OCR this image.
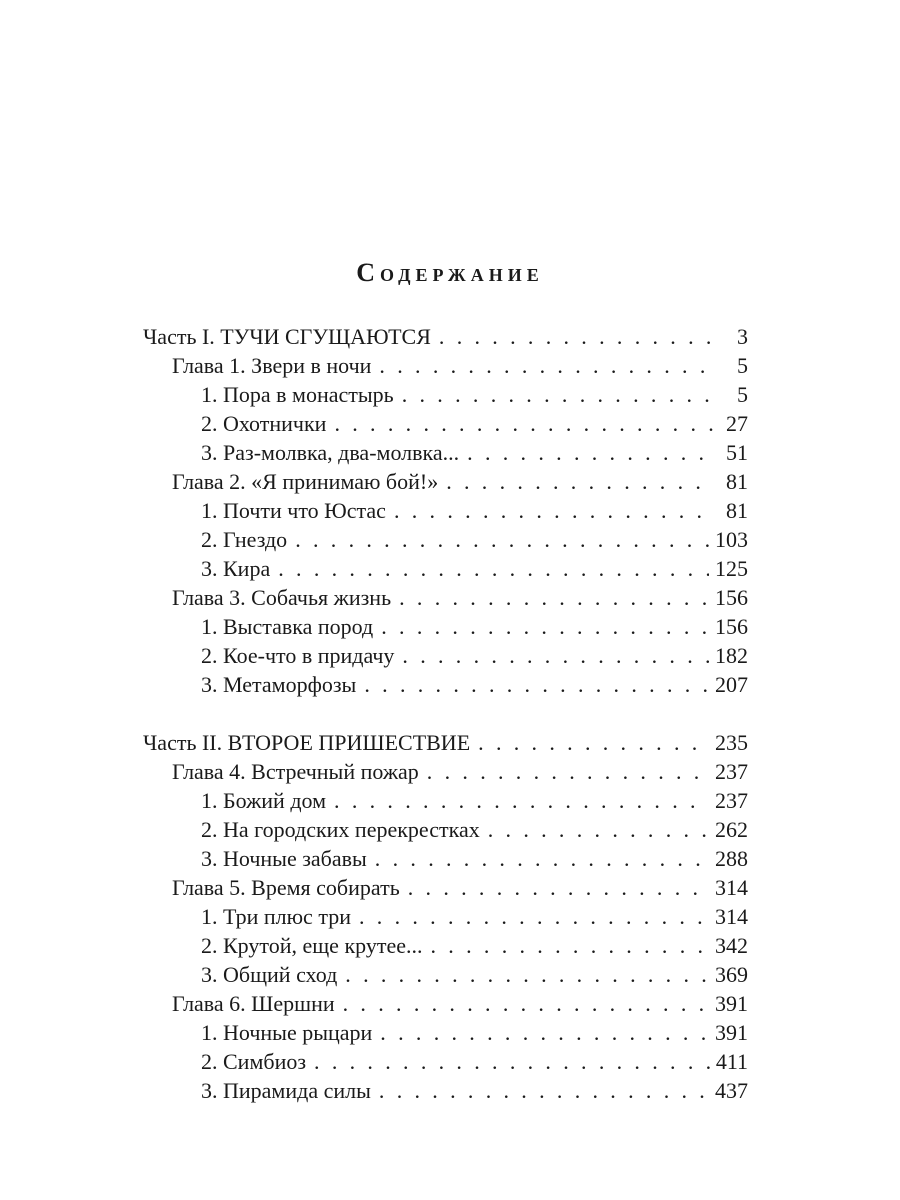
Содержание
Часть I. ТУЧИ СГУЩАЮТСЯ . . .	3
Глава 1. Звери в ночи . . .	5
1. Пора в монастырь . . .	5
2. Охотнички . . .	27
3. Раз-молвка, два-молвка... . . .	51
Глава 2. «Я принимаю бой!» . . .	81
1. Почти что Юстас . . .	81
2. Гнездо . . .	103
3. Кира . . .	125
Глава 3. Собачья жизнь . . .	156
1. Выставка пород . . .	156
2. Кое-что в придачу . . .	182
3. Метаморфозы . . .	207
Часть II. ВТОРОЕ ПРИШЕСТВИЕ . . .	235
Глава 4. Встречный пожар . . .	237
1. Божий дом . . .	237
2. На городских перекрестках . . .	262
3. Ночные забавы . . .	288
Глава 5. Время собирать . . .	314
1. Три плюс три . . .	314
2. Крутой, еще крутее... . . .	342
3. Общий сход . . .	369
Глава 6. Шершни . . .	391
1. Ночные рыцари . . .	391
2. Симбиоз . . .	411
3. Пирамида силы . . .	437
